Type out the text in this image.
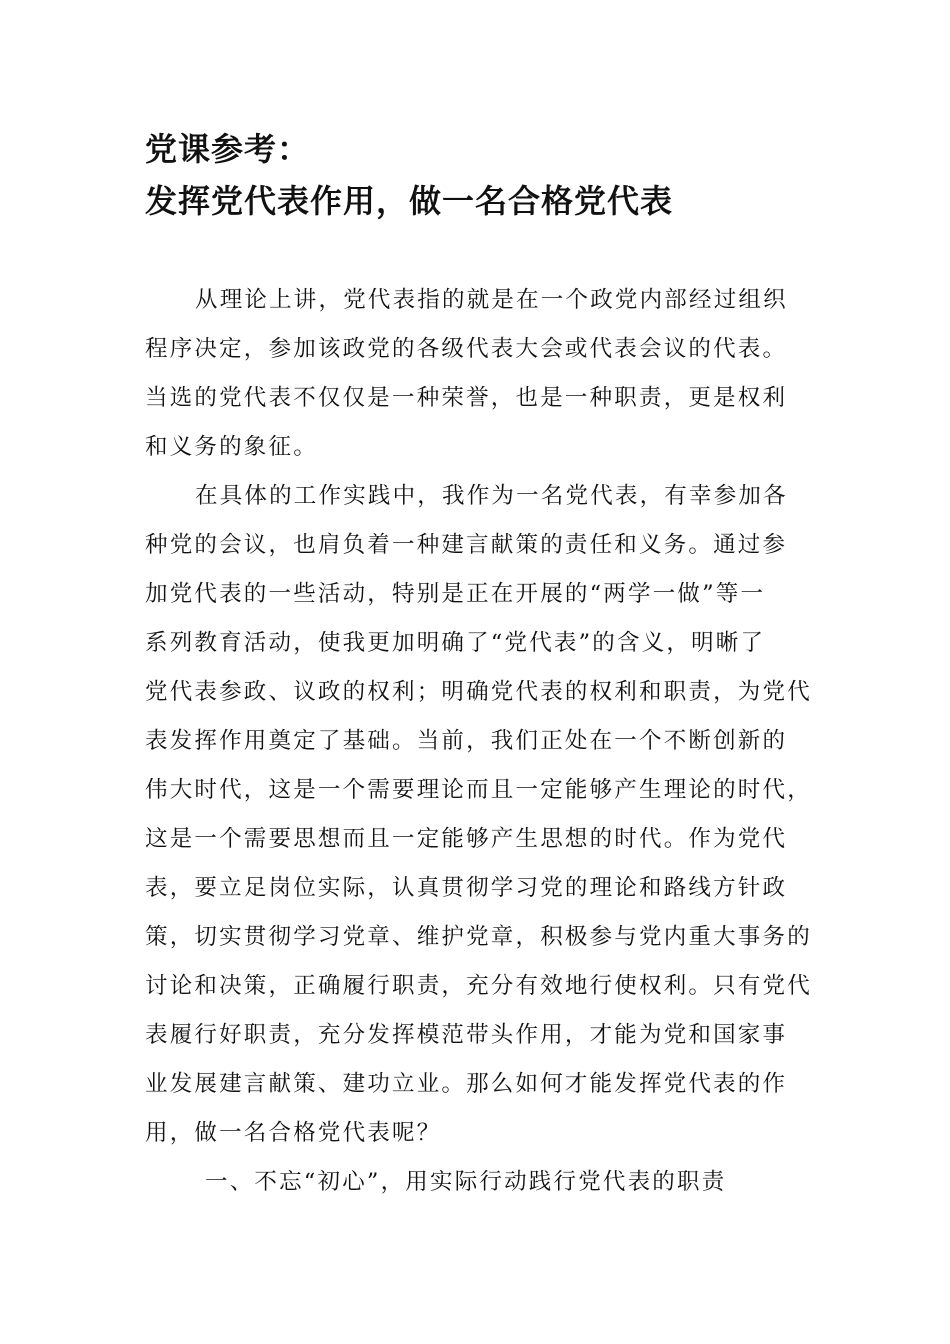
党课参考：
发挥党代表作用，做一名合格党代表
从理论上讲，党代表指的就是在一个政党内部经过组织
程序决定，参加该政党的各级代表大会或代表会议的代表。
当选的党代表不仅仅是一种荣誉，也是一种职责，更是权利
和义务的象征。
在具体的工作实践中，我作为一名党代表，有幸参加各
种党的会议，也肩负着一种建言献策的责任和义务。通过参
加党代表的一些活动，特别是正在开展的“两学一做”等一
系列教育活动，使我更加明确了“党代表”的含义，明晰了
党代表参政、议政的权利；明确党代表的权利和职责，为党代
表发挥作用奠定了基础。当前，我们正处在一个不断创新的
伟大时代，这是一个需要理论而且一定能够产生理论的时代，
这是一个需要思想而且一定能够产生思想的时代。作为党代
表，要立足岗位实际，认真贯彻学习党的理论和路线方针政
策，切实贯彻学习党章、维护党章，积极参与党内重大事务的
讨论和决策，正确履行职责，充分有效地行使权利。只有党代
表履行好职责，充分发挥模范带头作用，才能为党和国家事
业发展建言献策、建功立业。那么如何才能发挥党代表的作
用，做一名合格党代表呢？
一、不忘“初心”，用实际行动践行党代表的职责
